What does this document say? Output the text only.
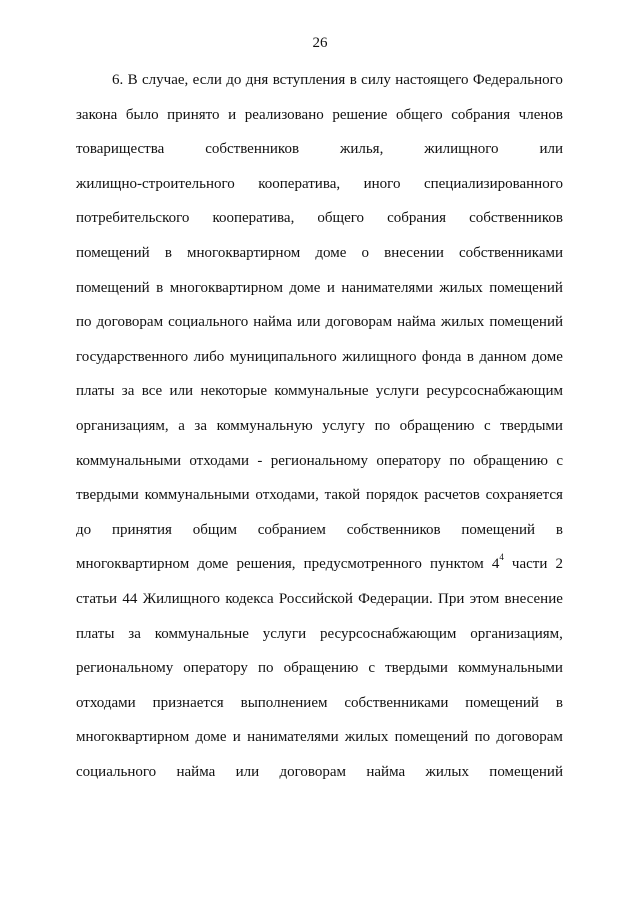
26
6. В случае, если до дня вступления в силу настоящего Федерального
закона было принято и реализовано решение общего собрания членов
товарищества	собственников	жилья,	жилищного	или
жилищно-строительного кооператива, иного специализированного
потребительского кооператива, общего собрания собственников
помещений в многоквартирном доме о внесении собственниками
помещений в многоквартирном доме и нанимателями жилых помещений
по договорам социального найма или договорам найма жилых помещений
государственного либо муниципального жилищного фонда в данном доме
платы за все или некоторые коммунальные услуги ресурсоснабжающим
организациям, а за коммунальную услугу по обращению с твердыми
коммунальными отходами - региональному оператору по обращению с
твердыми коммунальными отходами, такой порядок расчетов сохраняется
до принятия общим собранием собственников помещений в
многоквартирном доме решения, предусмотренного пунктом $4^4$ части 2
статьи 44 Жилищного кодекса Российской Федерации. При этом внесение
платы за коммунальные услуги ресурсоснабжающим организациям,
региональному оператору по обращению с твердыми коммунальными
отходами признается выполнением собственниками помещений в
многоквартирном доме и нанимателями жилых помещений по договорам
социального найма или договорам найма жилых помещений
